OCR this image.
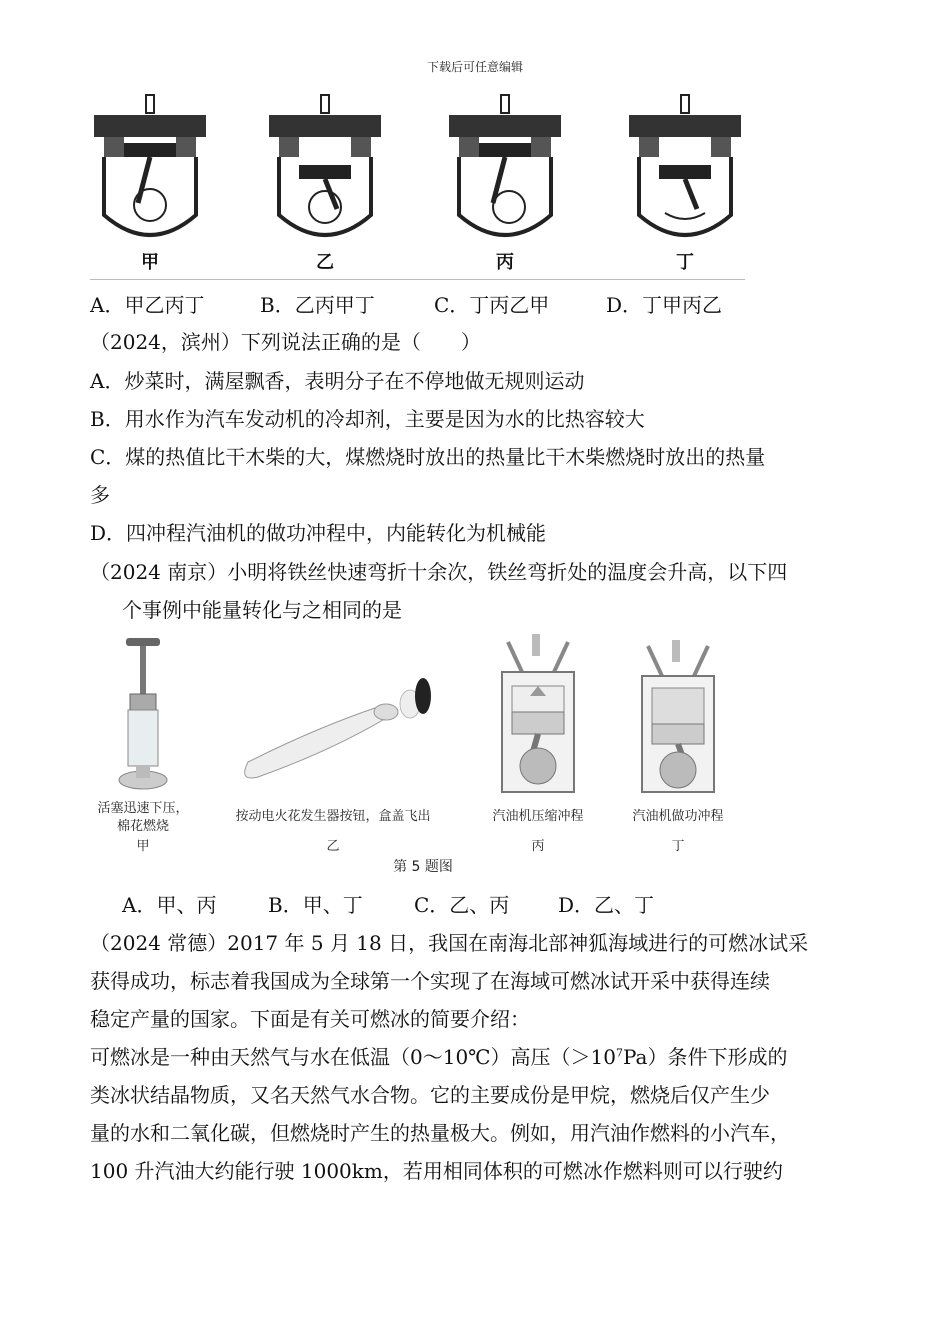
下载后可任意编辑
甲	乙	丙	丁
A．甲乙丙丁	B．乙丙甲丁	C．丁丙乙甲	D．丁甲丙乙
（2024，滨州）下列说法正确的是（　　）
A．炒菜时，满屋飘香，表明分子在不停地做无规则运动
B．用水作为汽车发动机的冷却剂，主要是因为水的比热容较大
C．煤的热值比干木柴的大，煤燃烧时放出的热量比干木柴燃烧时放出的热量
多
D．四冲程汽油机的做功冲程中，内能转化为机械能
（2024 南京）小明将铁丝快速弯折十余次，铁丝弯折处的温度会升高，以下四
个事例中能量转化与之相同的是
活塞迅速下压，
棉花燃烧
甲
按动电火花发生器按钮，盒盖飞出
乙
汽油机压缩冲程
丙
汽油机做功冲程
丁
第 5 题图
A．甲、丙	B．甲、丁	C．乙、丙 D．乙、丁
（2024 常德）2017 年 5 月 18 日，我国在南海北部神狐海域进行的可燃冰试采
获得成功，标志着我国成为全球第一个实现了在海域可燃冰试开采中获得连续
稳定产量的国家。下面是有关可燃冰的简要介绍：
可燃冰是一种由天然气与水在低温（0～10℃）高压$(>10^7Pa)$条件下形成的
类冰状结晶物质，又名天然气水合物。它的主要成份是甲烷，燃烧后仅产生少
量的水和二氧化碳，但燃烧时产生的热量极大。例如，用汽油作燃料的小汽车，
100 升汽油大约能行驶 1000km，若用相同体积的可燃冰作燃料则可以行驶约
